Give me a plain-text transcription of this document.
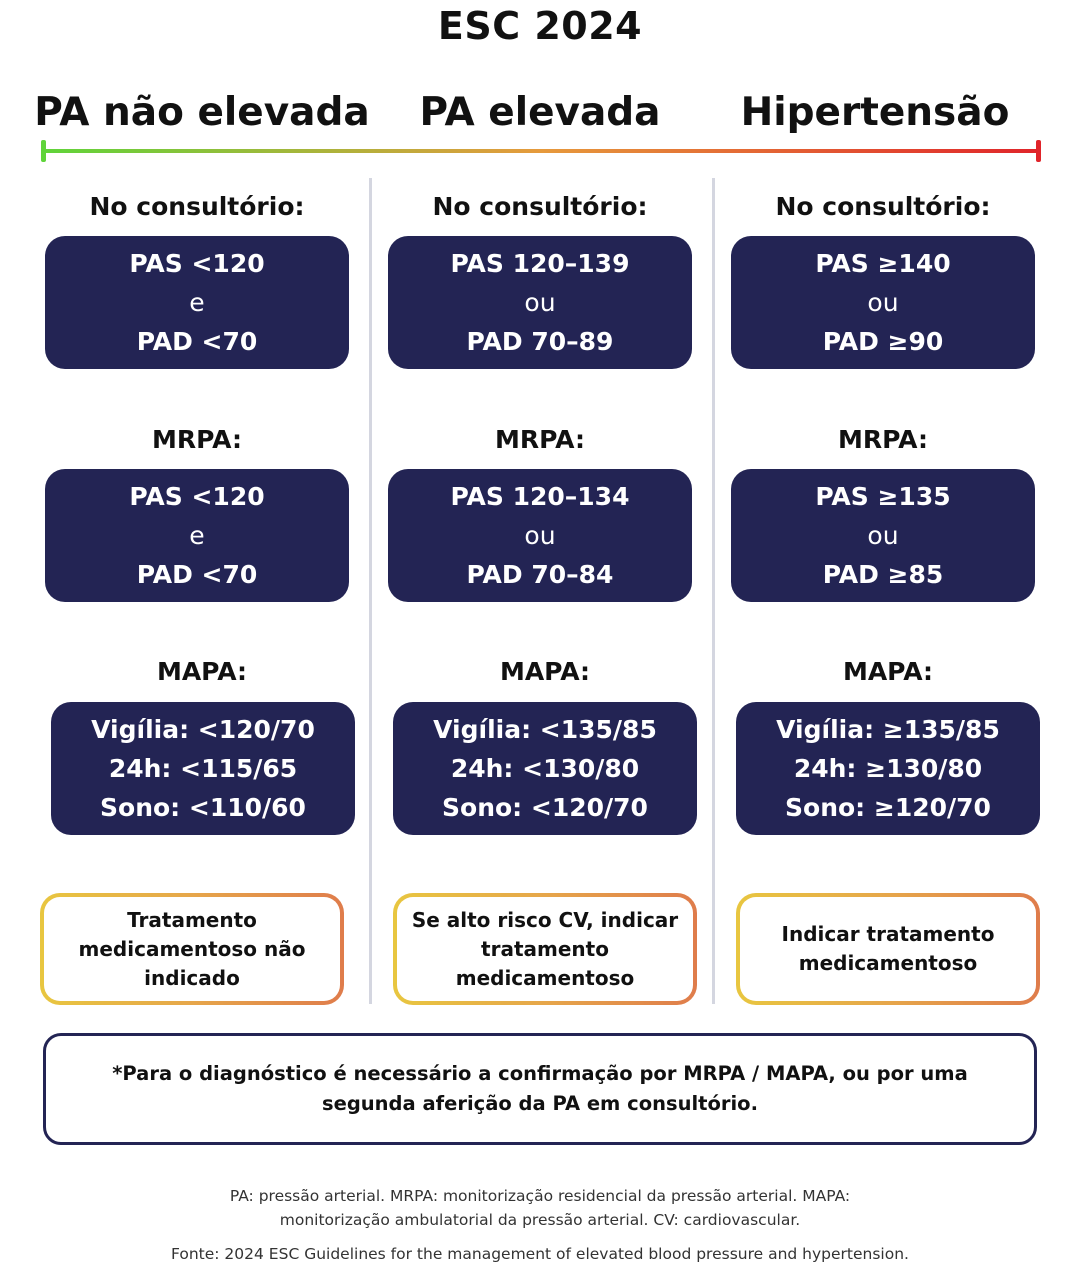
ESC 2024
PA não elevada	PA elevada	Hipertensão
No consultório:
PAS <120
e
PAD <70
MRPA:
PAS <120
e
PAD <70
MAPA:
Vigília: <120/70
24h: <115/65
Sono: <110/60
Tratamento medicamentoso não indicado
No consultório:
PAS 120–139
ou
PAD 70–89
MRPA:
PAS 120–134
ou
PAD 70–84
MAPA:
Vigília: <135/85
24h: <130/80
Sono: <120/70
Se alto risco CV, indicar tratamento medicamentoso
No consultório:
PAS ≥140
ou
PAD ≥90
MRPA:
PAS ≥135
ou
PAD ≥85
MAPA:
Vigília: ≥135/85
24h: ≥130/80
Sono: ≥120/70
Indicar tratamento medicamentoso
*Para o diagnóstico é necessário a confirmação por MRPA / MAPA, ou por uma segunda aferição da PA em consultório.
PA: pressão arterial. MRPA: monitorização residencial da pressão arterial. MAPA: monitorização ambulatorial da pressão arterial. CV: cardiovascular.
Fonte: 2024 ESC Guidelines for the management of elevated blood pressure and hypertension.
